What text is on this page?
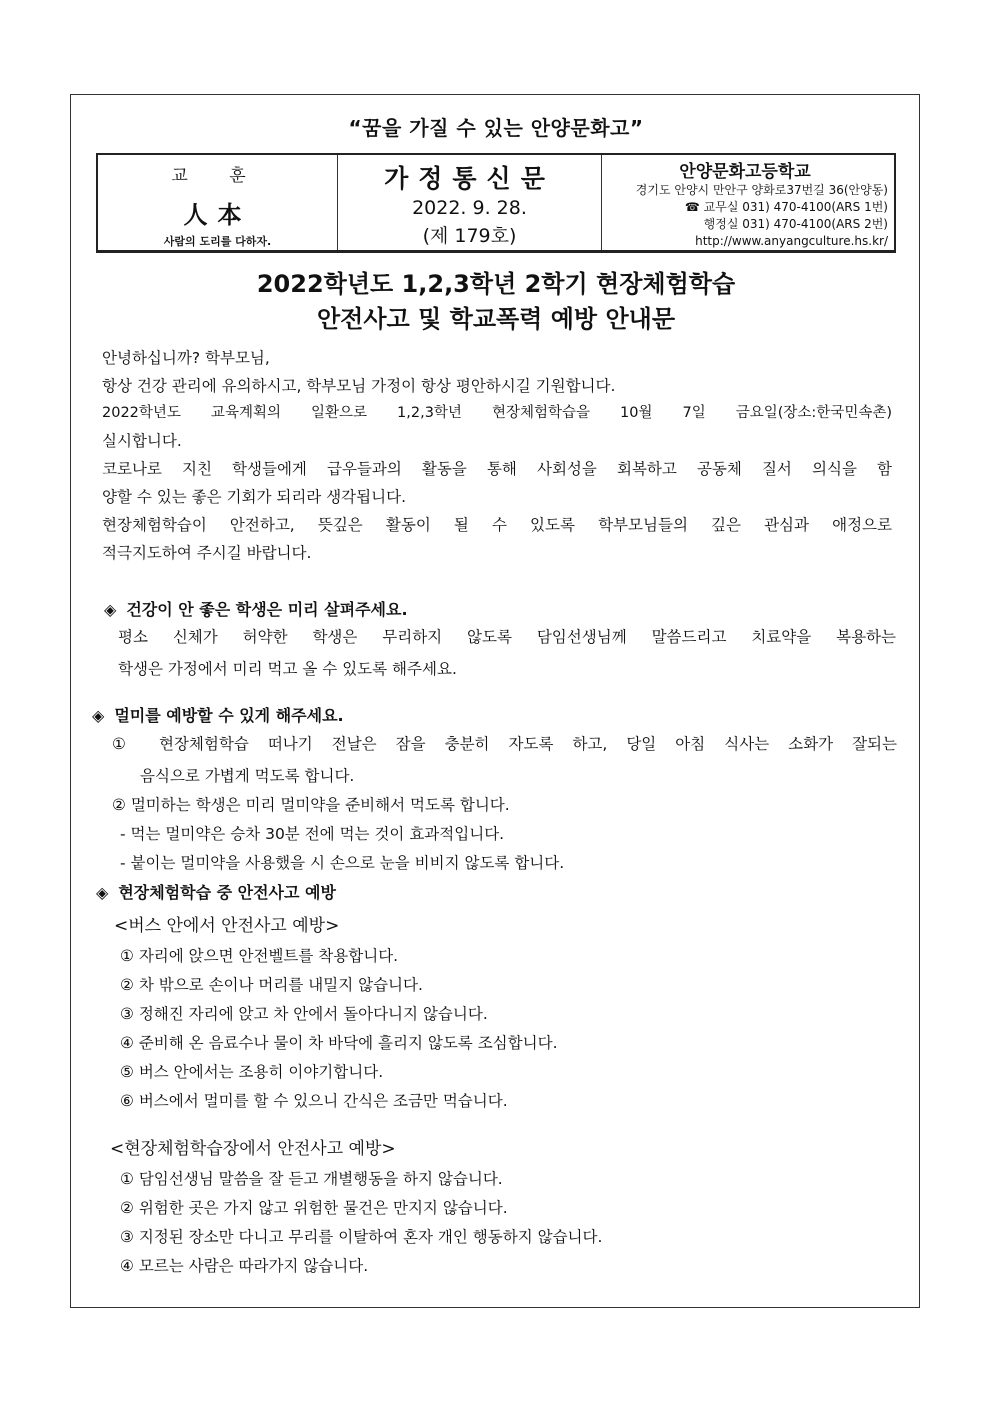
“꿈을 가질 수 있는 안양문화고”
교 훈
人本
사람의 도리를 다하자.
가정통신문
2022. 9. 28.
(제 179호)
안양문화고등학교
경기도 안양시 만안구 양화로37번길 36(안양동)
☎ 교무실 031) 470-4100(ARS 1번)
행정실 031) 470-4100(ARS 2번)
http://www.anyangculture.hs.kr/
2022학년도 1,2,3학년 2학기 현장체험학습
안전사고 및 학교폭력 예방 안내문
안녕하십니까? 학부모님,
항상 건강 관리에 유의하시고, 학부모님 가정이 항상 평안하시길 기원합니다.
2022학년도 교육계획의 일환으로 1,2,3학년 현장체험학습을 10월 7일 금요일(장소:한국민속촌)
실시합니다.
코로나로 지친 학생들에게 급우들과의 활동을 통해 사회성을 회복하고 공동체 질서 의식을 함
양할 수 있는 좋은 기회가 되리라 생각됩니다.
현장체험학습이 안전하고, 뜻깊은 활동이 될 수 있도록 학부모님들의 깊은 관심과 애정으로
적극지도하여 주시길 바랍니다.
◈ 건강이 안 좋은 학생은 미리 살펴주세요.
평소 신체가 허약한 학생은 무리하지 않도록 담임선생님께 말씀드리고 치료약을 복용하는
학생은 가정에서 미리 먹고 올 수 있도록 해주세요.
◈ 멀미를 예방할 수 있게 해주세요.
① 현장체험학습 떠나기 전날은 잠을 충분히 자도록 하고, 당일 아침 식사는 소화가 잘되는
음식으로 가볍게 먹도록 합니다.
② 멀미하는 학생은 미리 멀미약을 준비해서 먹도록 합니다.
- 먹는 멀미약은 승차 30분 전에 먹는 것이 효과적입니다.
- 붙이는 멀미약을 사용했을 시 손으로 눈을 비비지 않도록 합니다.
◈ 현장체험학습 중 안전사고 예방
<버스 안에서 안전사고 예방>
① 자리에 앉으면 안전벨트를 착용합니다.
② 차 밖으로 손이나 머리를 내밀지 않습니다.
③ 정해진 자리에 앉고 차 안에서 돌아다니지 않습니다.
④ 준비해 온 음료수나 물이 차 바닥에 흘리지 않도록 조심합니다.
⑤ 버스 안에서는 조용히 이야기합니다.
⑥ 버스에서 멀미를 할 수 있으니 간식은 조금만 먹습니다.
<현장체험학습장에서 안전사고 예방>
① 담임선생님 말씀을 잘 듣고 개별행동을 하지 않습니다.
② 위험한 곳은 가지 않고 위험한 물건은 만지지 않습니다.
③ 지정된 장소만 다니고 무리를 이탈하여 혼자 개인 행동하지 않습니다.
④ 모르는 사람은 따라가지 않습니다.
